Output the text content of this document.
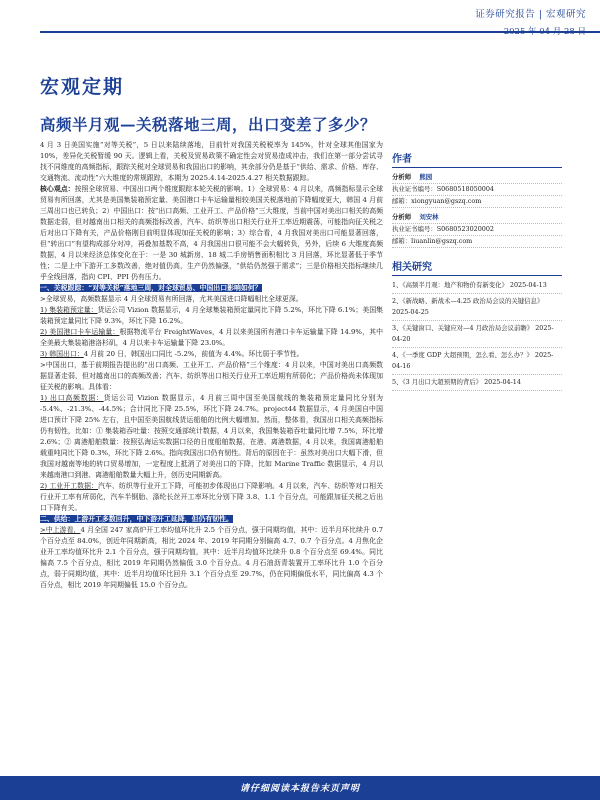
证券研究报告 | 宏观研究
宏观定期
高频半月观—关税落地三周，出口变差了多少？

4 月 3 日美国实施“对等关税”，5 日以来陆续落地，目前针对我国关税税率为 145%，针对全球其他国家为 10%，差异化关税暂缓 90 天。逻辑上看，关税及贸易政策不确定性会对贸易造成冲击，我们在第一部分尝试寻找不同维度的高频指标，跟踪关税对全球贸易和我国出口的影响，其余部分仍是基于“供给、需求、价格、库存、交通物流、流动性”六大维度的常规跟踪，本期为 2025.4.14-2025.4.27 相关数据跟踪。

核心观点：按照全球贸易、中国出口两个维度跟踪本轮关税的影响。1）全球贸易：4 月以来，高频指标显示全球贸易有所回落，尤其是美国集装箱预定量、美国港口卡车运输量相较美国关税落地前下降幅度更大，韩国 4 月前三周出口也已转负；2）中国出口：按“出口高频、工业开工、产品价格”三大维度，当前中国对美出口相关的高频数据走弱，但对越南出口相关的高频指标改善，汽车、纺织等出口相关行业开工率近期震荡，可能指向征关税之后对出口下降有关，产品价格刚目前明显体现加征关税的影响；3）综合看，4 月我国对美出口可能显著回落，但“转出口”有望构成部分对冲，再叠加基数不高，4 月我国出口很可能不会大幅转负，另外，后续 6 大维度高频数据，4 月以来经济总体变化在于：一是 30 城新房、18 城二手房销售面积相比 3 月回落，环比显著低于季节性；二是上中下游开工多数改善，绝对值仍高，生产仍然偏强，“供给仍然强于需求”；三是价格相关指标继续几乎全线回落，指向 CPI、PPI 仍有压力。

一、关税跟踪：“对等关税”落地三周，对全球贸易、中国出口影响如何？

>全球贸易，高频数据显示 4 月全球贸易有所回落，尤其美国进口降幅相比全球更深。

1) 集装箱预定量：货运公司 Vizion 数据显示，4 月全球集装箱预定量同比下降 5.2%，环比下降 6.1%；美国集装箱预定量同比下降 9.3%，环比下降 16.2%。

2) 美国港口卡车运输量：根据物流平台 FreightWaves，4 月以来美国所有港口卡车运输量下降 14.9%，其中全美最大集装箱港洛杉矶，4 月以来卡车运输量下降 23.0%。

3) 韩国出口：4 月前 20 日，韩国出口同比 -5.2%，前值为 4.4%。环比弱于季节性。

>中国出口，基于前期报告提出的“出口高频、工业开工、产品价格”三个维度：4 月以来，中国对美出口高频数据显著走弱，但对越南出口的高频改善；汽车、纺织等出口相关行业开工率近期有所弱化；产品价格尚未体现加征关税的影响。具体看：

1) 出口高频数据：货运公司 Vizion 数据显示，4 月前三周中国至美国航线的集装箱预定量同比分别为 -5.4%、-21.3%、-44.5%；合计同比下降 25.5%，环比下降 24.7%。project44 数据显示，4 月美国自中国进口预计下降 25% 左右，且中国至美国航线货运船舶的比例大幅增加。然而，整体看，我国出口相关高频指标仍有韧性，比如：① 集装箱吞吐量：按照交通部统计数据，4 月以来，我国集装箱吞吐量同比增 7.5%，环比增 2.6%；② 离港船舶数量：按照弘海运实数据口径的日度船舶数据，在港、离港数据，4 月以来，我国离港船舶载重吨同比下降 0.3%，环比下降 2.6%。指向我国出口仍有韧性。背后的原因在于：虽然对美出口大幅下滑，但我国对越南等地的转口贸易增加，一定程度上抵消了对美出口的下降，比如 Marine Traffic 数据显示，4 月以来越南港口到港、离港船舶数量大幅上升，创历史同期新高。

2) 工业开工数据：汽车、纺织等行业开工下降，可能初步体现出口下降影响。4 月以来，汽车、纺织等对口相关行业开工率有所弱化，汽车半钢胎、涤纶长丝开工率环比分别下降 3.8、1.1 个百分点，可能跟加征关税之后出口下降有关。

二、供给：上游开工多数回升，中下游开工延降，但仍有韧性。

>中上游看，4 月全国 247 家高炉开工率均值环比升 2.5 个百分点，强于同期均值，其中：近半月环比续升 0.7 个百分点至 84.0%，创近年同期新高，相比 2024 年、2019 年同期分别偏高 4.7、0.7 个百分点。4 月焦化企业开工率均值环比升 2.1 个百分点，强于同期均值，其中：近半月均值环比续升 0.8 个百分点至 69.4%。同比偏高 7.5 个百分点，相比 2019 年同期仍然偏低 3.0 个百分点。4 月石油沥青装置开工率环比升 1.0 个百分点，弱于同期均值，其中：近半月均值环比回升 3.1 个百分点至 29.7%，仍在同期偏低水平，同比偏高 4.3 个百分点，相比 2019 年同期偏低 15.0 个百分点。

作者
分析师 熊园
执业证书编号：S0680518050004
邮箱：xiongyuan@gszq.com
分析师 刘安林
执业证书编号：S0680523020002
邮箱：liuanlin@gszq.com
相关研究
1、《高频半月观：地产和物价有新变化》 2025-04-13
2、《新战略、新战术—4.25 政治局会议的关键信息》 2025-04-25
3、《关键窗口、关键应对—4 月政治局会议前瞻》 2025-04-20
4、《一季度 GDP 大超预期，怎么看、怎么办？》 2025-04-16
5、《3 月出口大超预期的背后》 2025-04-14
请仔细阅读本报告末页声明
